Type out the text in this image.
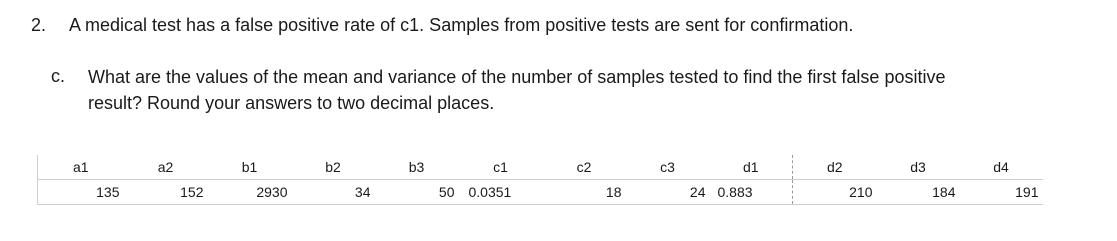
2. A medical test has a false positive rate of c1. Samples from positive tests are sent for confirmation.
c. What are the values of the mean and variance of the number of samples tested to find the first false positive
result? Round your answers to two decimal places.
a1	a2	b1	b2	b3	c1	c2	c3	d1	d2	d3	d4
135	152	2930	34	50	0.0351	18	24	0.883	210	184	191
